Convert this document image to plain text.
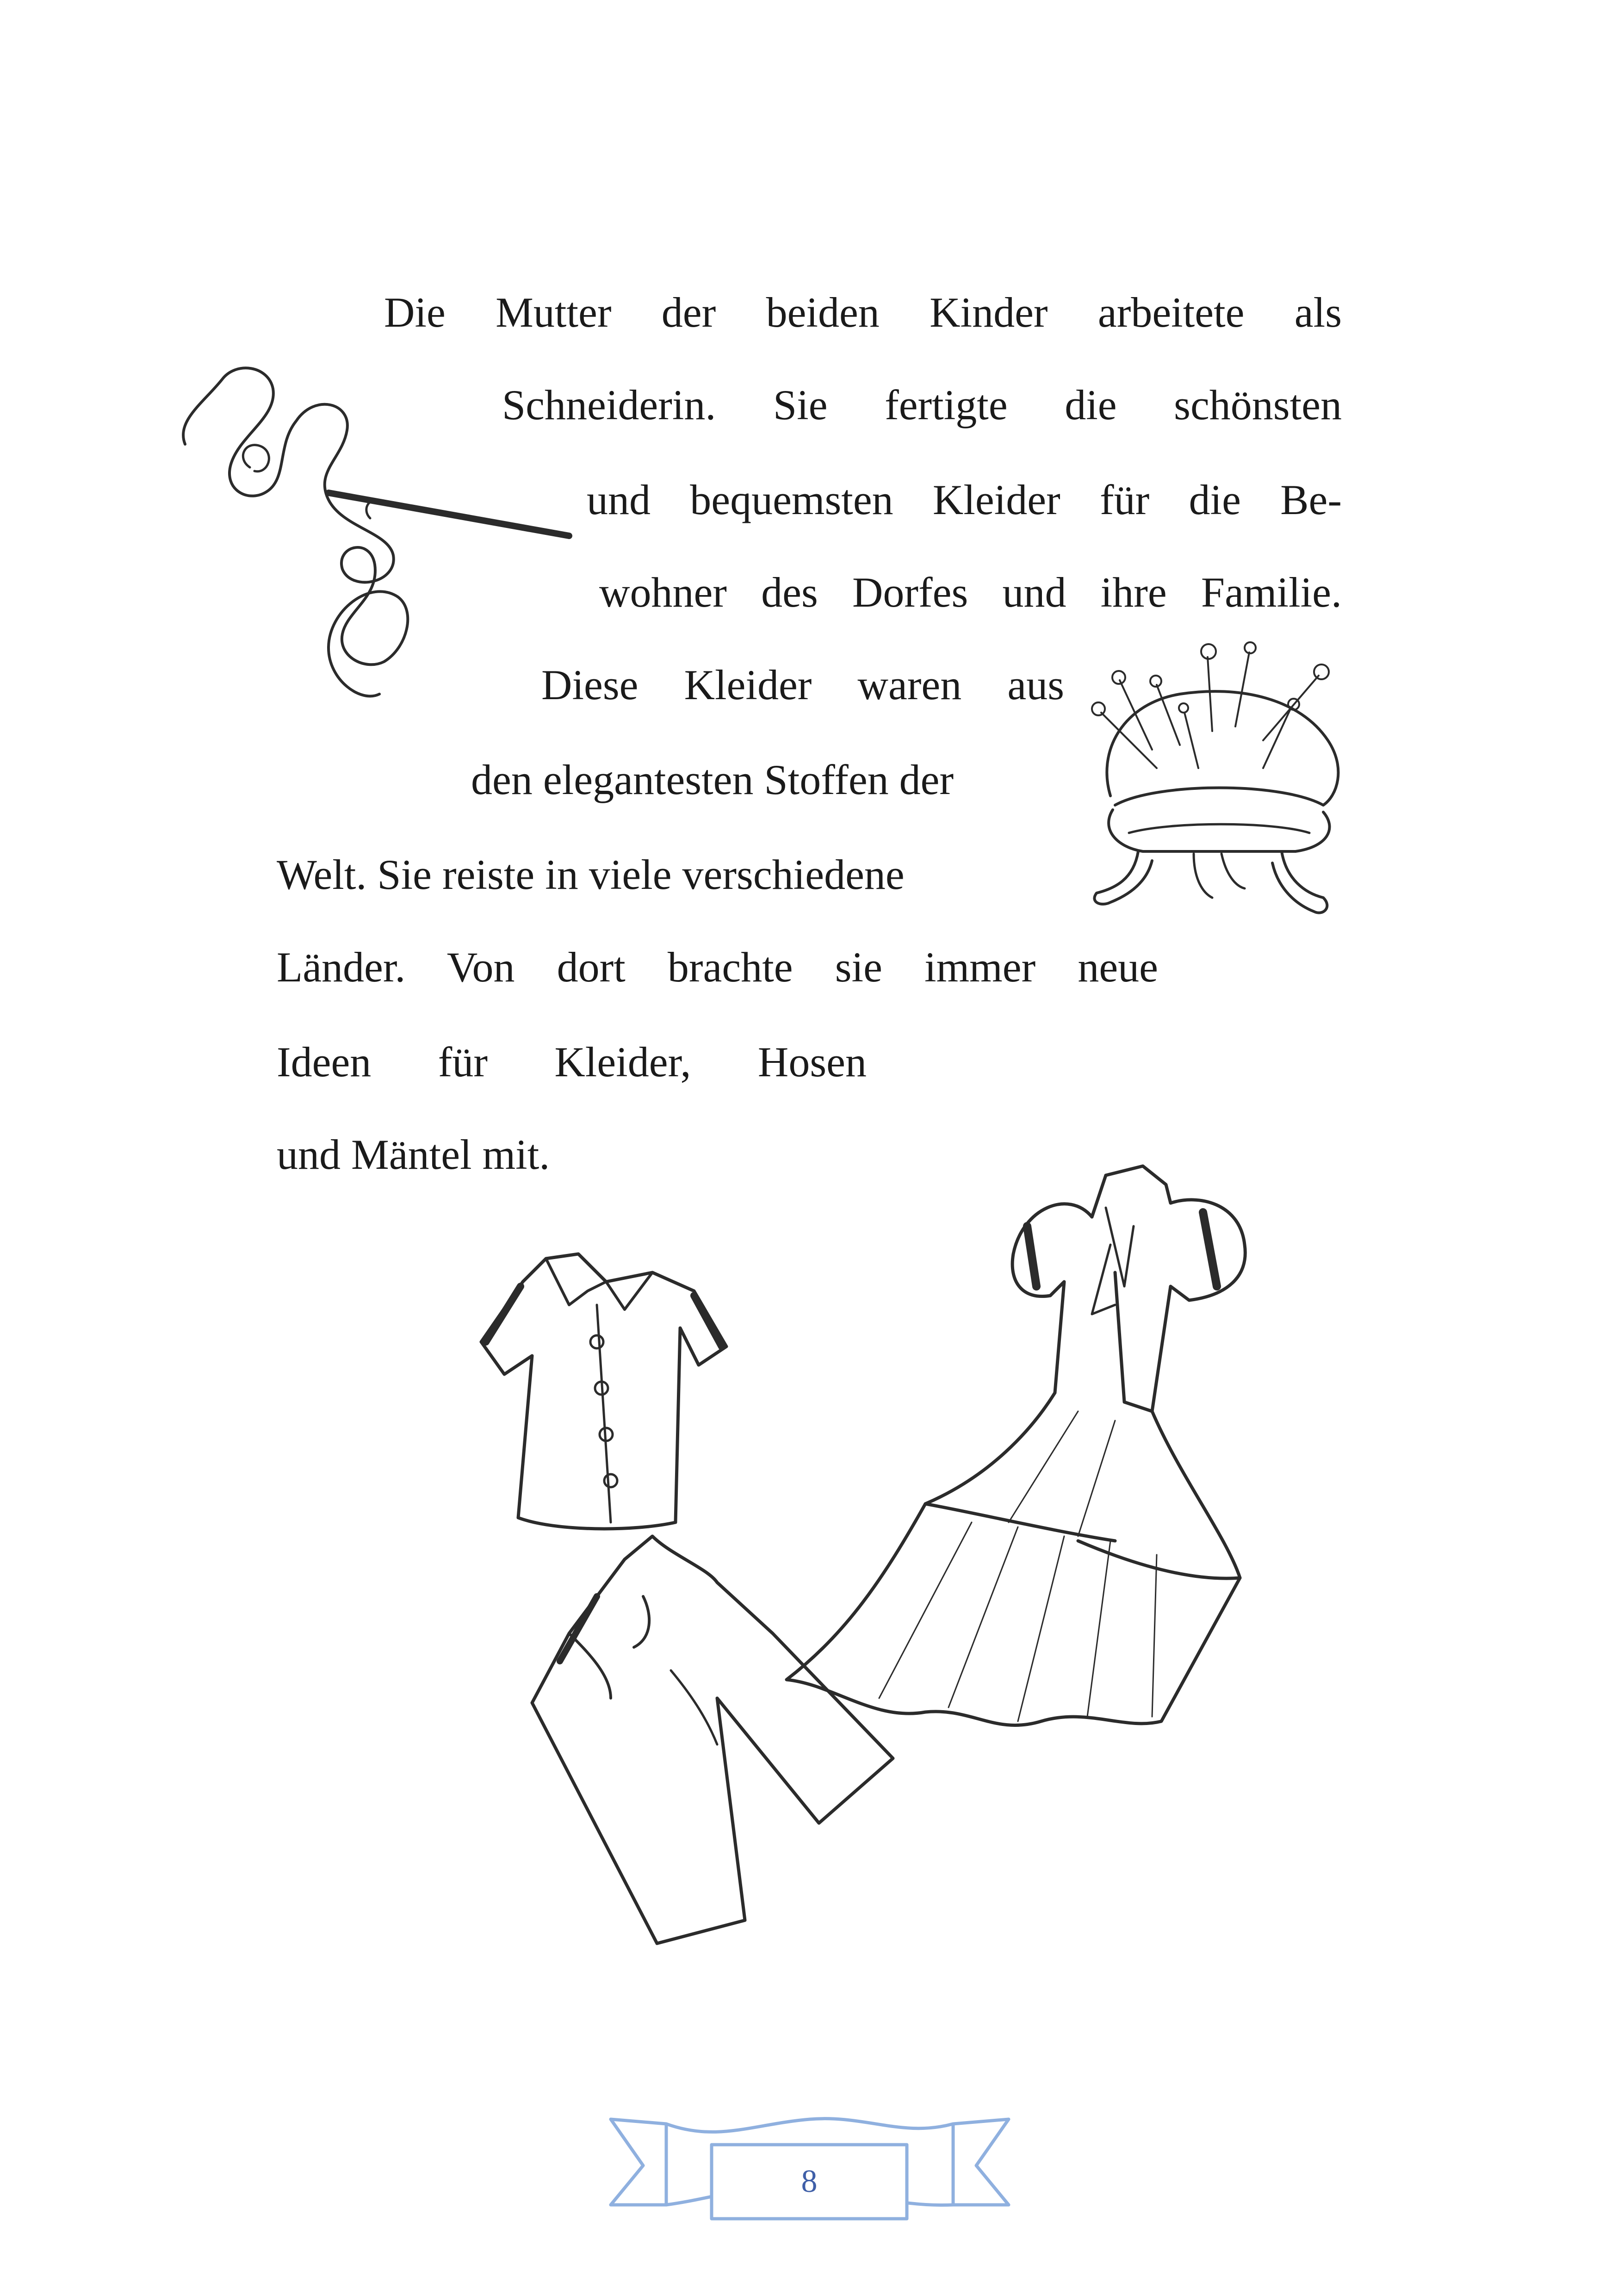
Die Mutter der beiden Kinder arbeitete als
Schneiderin. Sie fertigte die schönsten
und bequemsten Kleider für die Be-
wohner des Dorfes und ihre Familie.
Diese Kleider waren aus
den elegantesten Stoffen der
Welt. Sie reiste in viele verschiedene
Länder. Von dort brachte sie immer neue
Ideen für Kleider, Hosen
und Mäntel mit.
8
